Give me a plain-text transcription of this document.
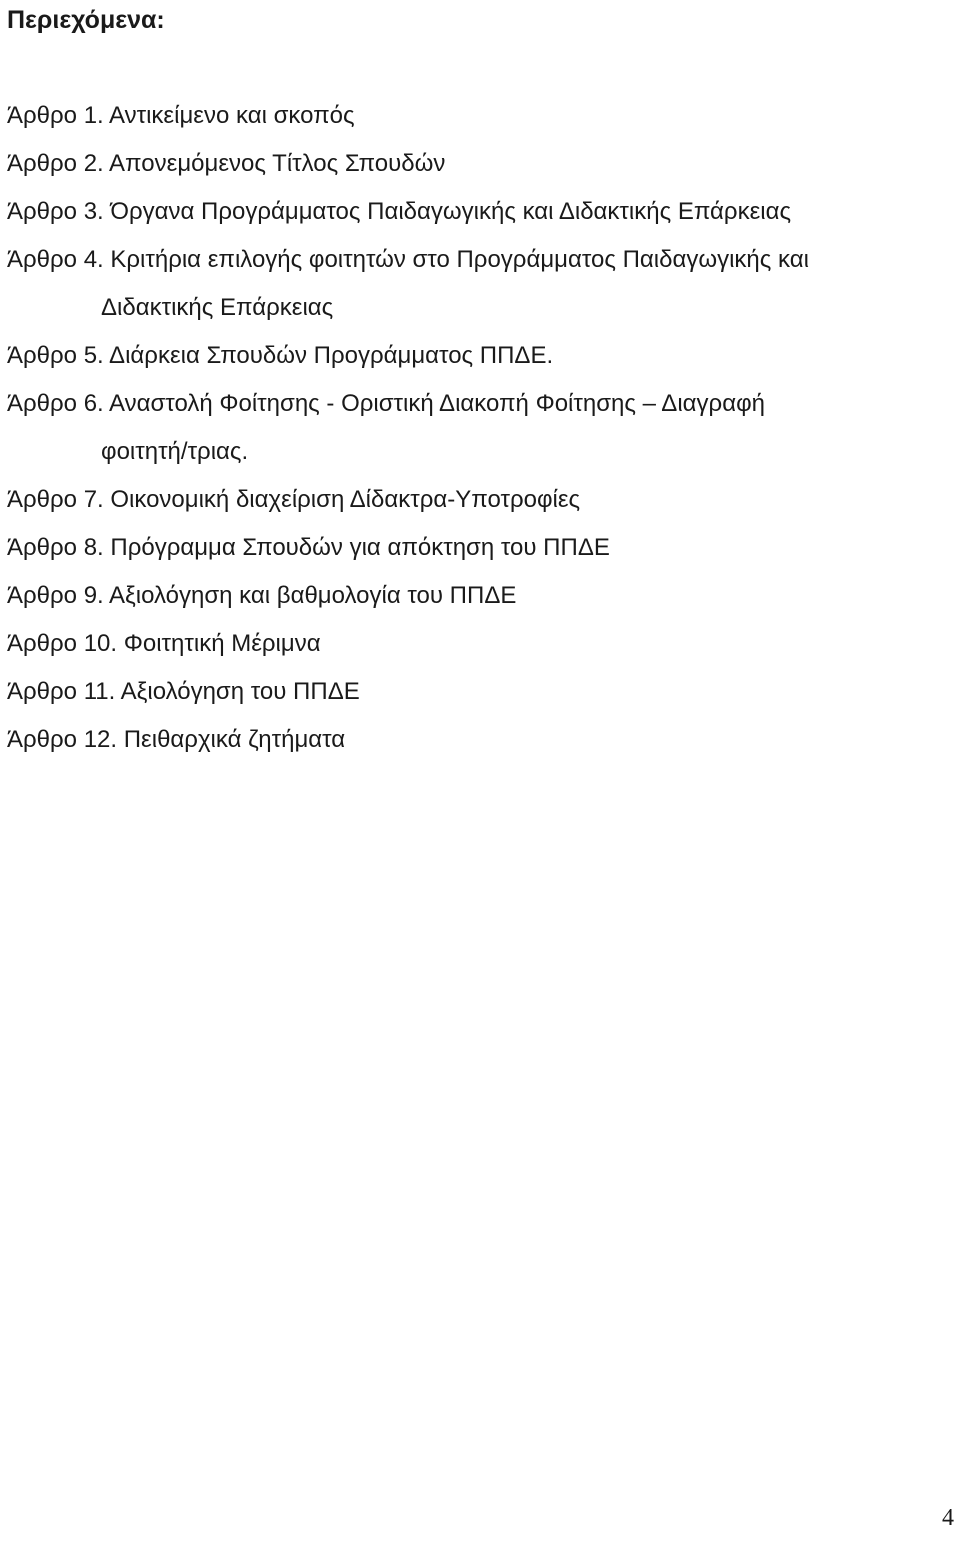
Περιεχόμενα:
Άρθρο 1. Αντικείμενο και σκοπός
Άρθρο 2. Απονεμόμενος Τίτλος Σπουδών
Άρθρο 3. Όργανα Προγράμματος Παιδαγωγικής και Διδακτικής Επάρκειας
Άρθρο 4. Κριτήρια επιλογής φοιτητών στο Προγράμματος Παιδαγωγικής και
Διδακτικής Επάρκειας
Άρθρο 5. Διάρκεια Σπουδών Προγράμματος ΠΠΔΕ.
Άρθρο 6. Αναστολή Φοίτησης - Οριστική Διακοπή Φοίτησης – Διαγραφή
φοιτητή/τριας.
Άρθρο 7. Οικονομική διαχείριση Δίδακτρα-Υποτροφίες
Άρθρο 8. Πρόγραμμα Σπουδών για απόκτηση του ΠΠΔΕ
Άρθρο 9. Αξιολόγηση και βαθμολογία του ΠΠΔΕ
Άρθρο 10. Φοιτητική Μέριμνα
Άρθρο 11. Αξιολόγηση του ΠΠΔΕ
Άρθρο 12. Πειθαρχικά ζητήματα
4
